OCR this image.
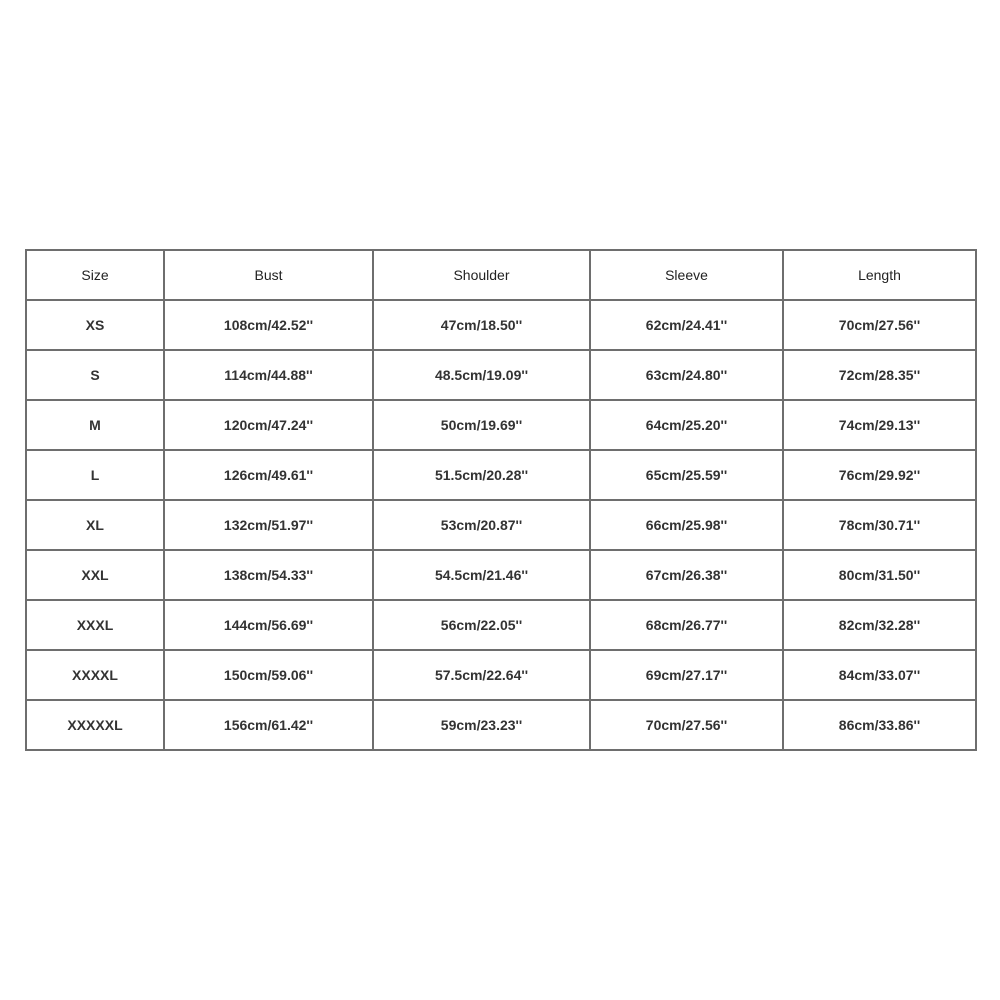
Size	Bust	Shoulder	Sleeve	Length
XS	108cm/42.52''	47cm/18.50''	62cm/24.41''	70cm/27.56''
S	114cm/44.88''	48.5cm/19.09''	63cm/24.80''	72cm/28.35''
M	120cm/47.24''	50cm/19.69''	64cm/25.20''	74cm/29.13''
L	126cm/49.61''	51.5cm/20.28''	65cm/25.59''	76cm/29.92''
XL	132cm/51.97''	53cm/20.87''	66cm/25.98''	78cm/30.71''
XXL	138cm/54.33''	54.5cm/21.46''	67cm/26.38''	80cm/31.50''
XXXL	144cm/56.69''	56cm/22.05''	68cm/26.77''	82cm/32.28''
XXXXL	150cm/59.06''	57.5cm/22.64''	69cm/27.17''	84cm/33.07''
XXXXXL	156cm/61.42''	59cm/23.23''	70cm/27.56''	86cm/33.86''
